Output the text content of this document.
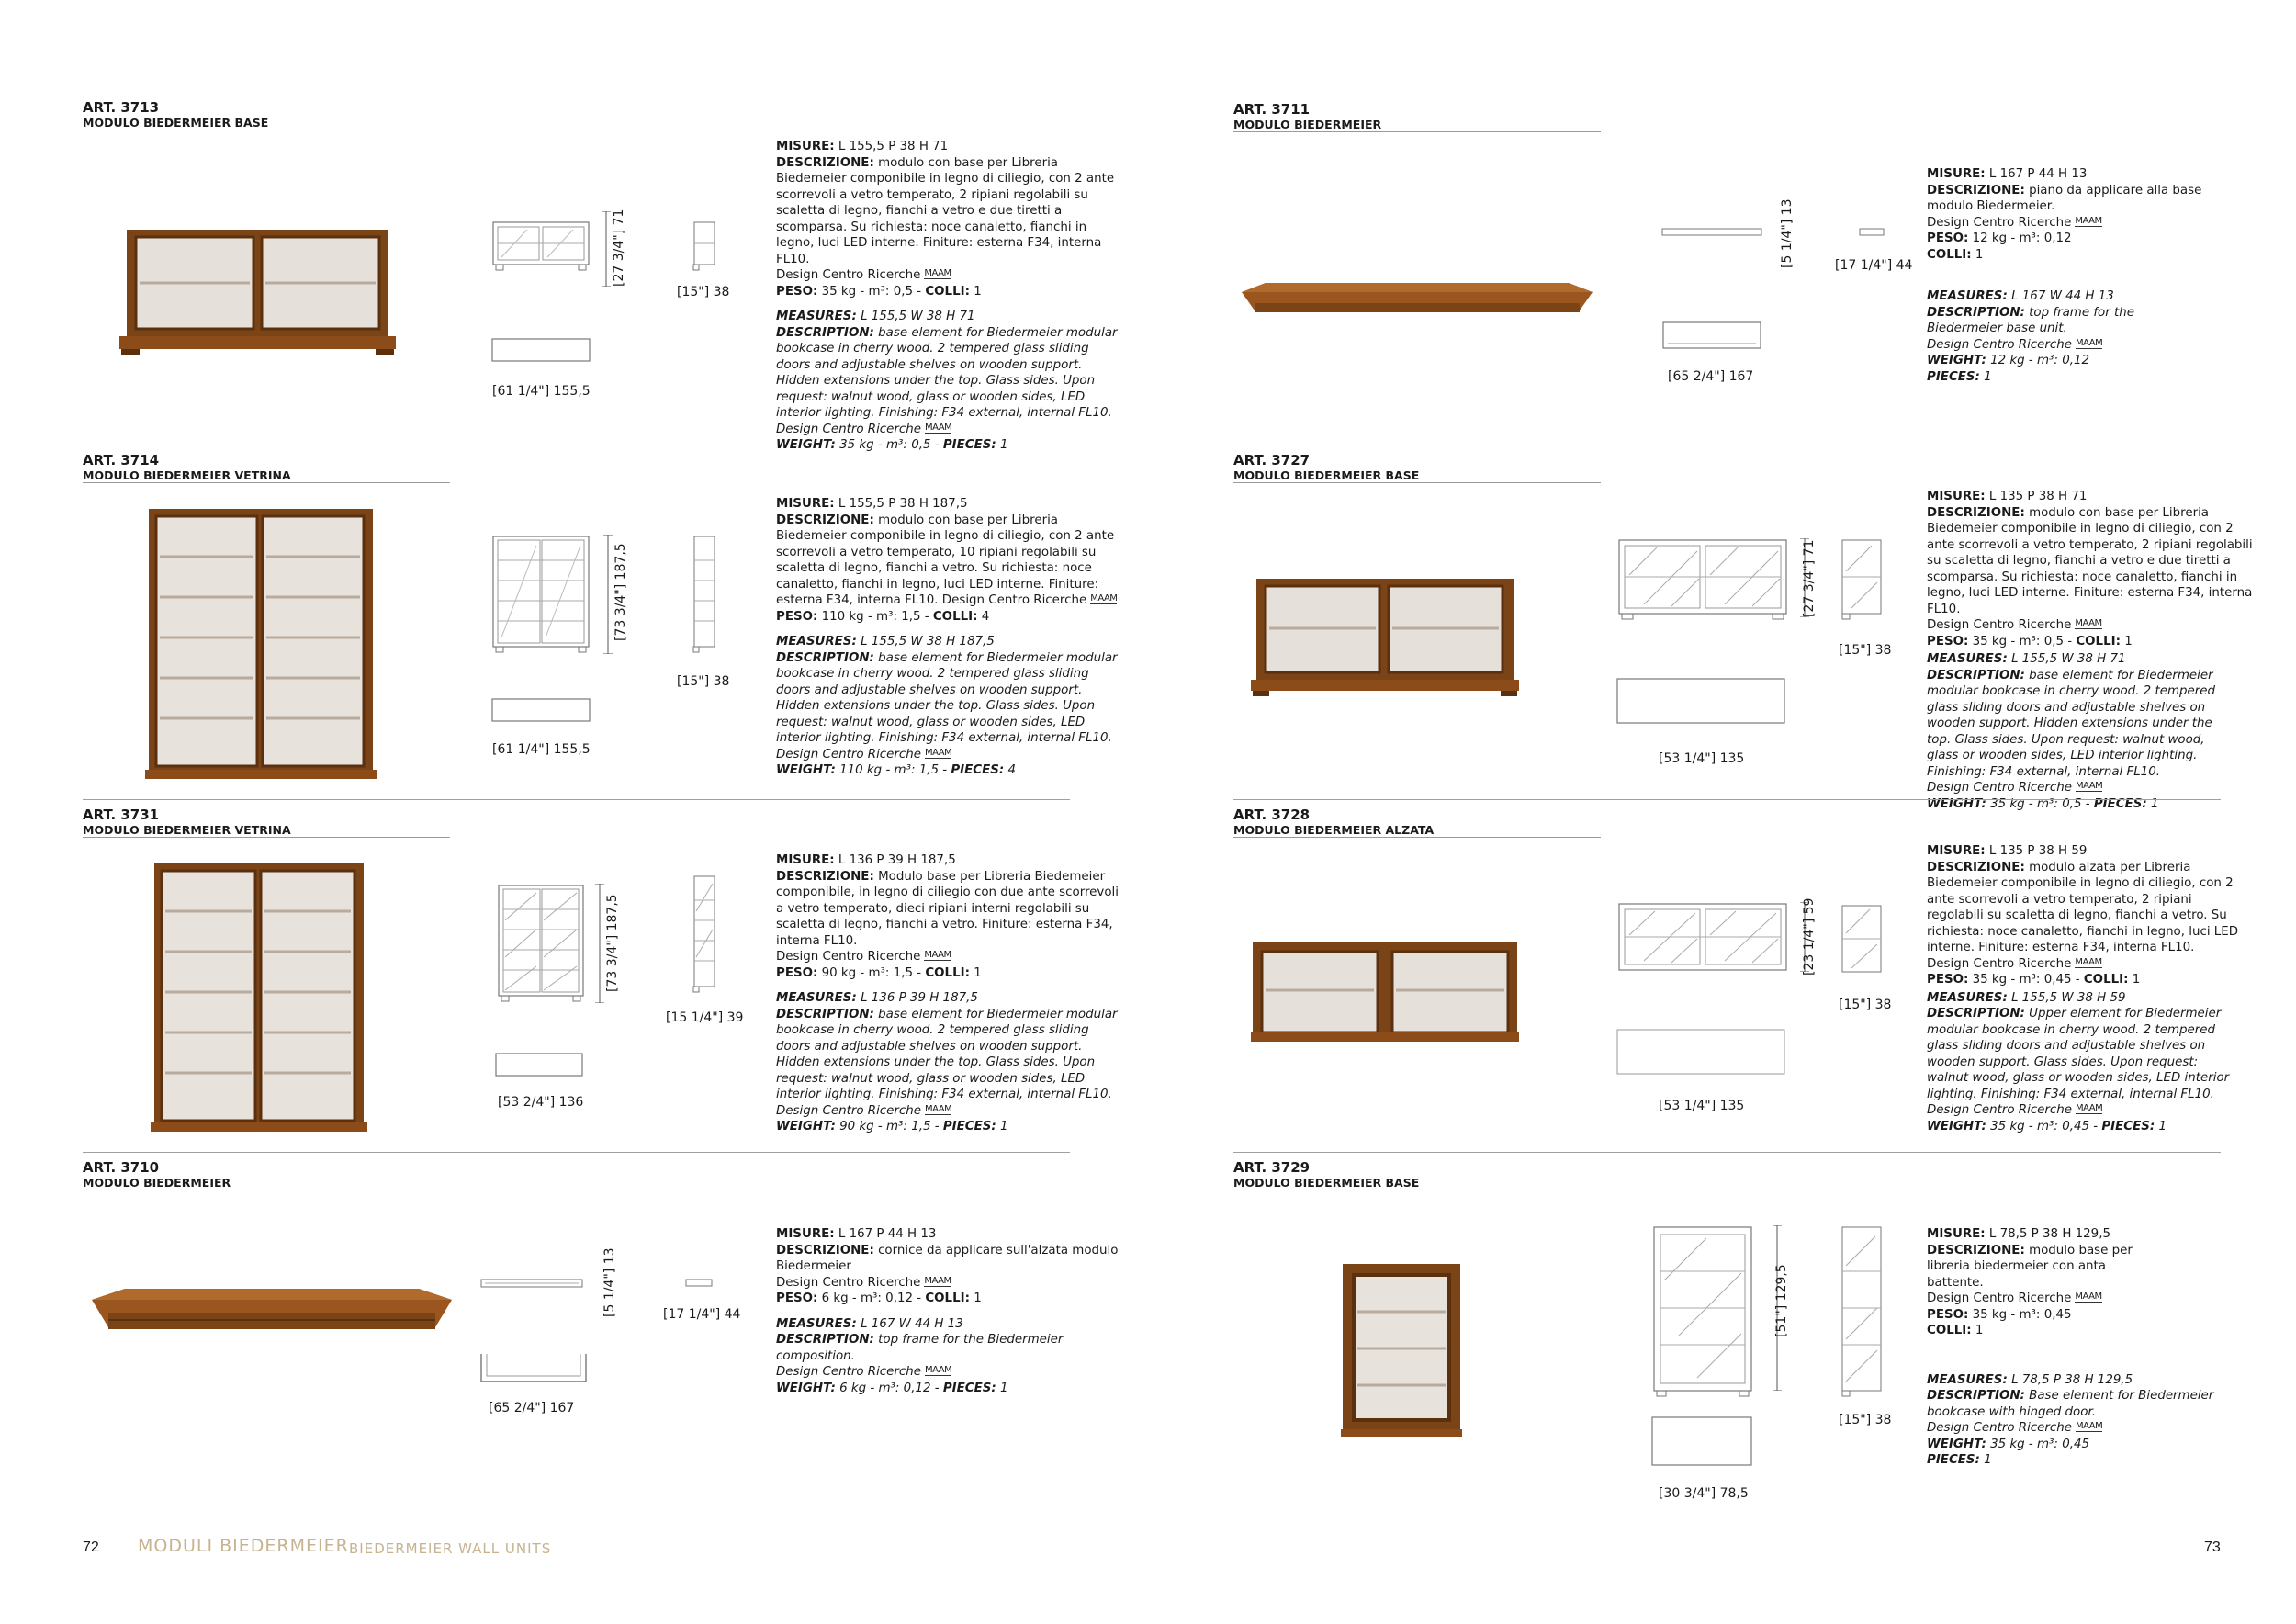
ART. 3713
MODULO BIEDERMEIER BASE
[27 3/4"] 71
[15"] 38
[61 1/4"] 155,5
MISURE: L 155,5 P 38 H 71
DESCRIZIONE: modulo con base per Libreria Biedemeier componibile in legno di ciliegio, con 2 ante scorrevoli a vetro temperato, 2 ripiani regolabili su scaletta di legno, fianchi a vetro e due tiretti a scomparsa. Su richiesta: noce canaletto, fianchi in legno, luci LED interne. Finiture: esterna F34, interna FL10.
Design Centro Ricerche MAAM
PESO: 35 kg - m³: 0,5 - COLLI: 1
MEASURES: L 155,5 W 38 H 71
DESCRIPTION: base element for Biedermeier modular bookcase in cherry wood. 2 tempered glass sliding doors and adjustable shelves on wooden support. Hidden extensions under the top. Glass sides. Upon request: walnut wood, glass or wooden sides, LED interior lighting. Finishing: F34 external, internal FL10.
Design Centro Ricerche MAAM
WEIGHT: 35 kg - m³: 0,5 - PIECES: 1
ART. 3714
MODULO BIEDERMEIER VETRINA
[73 3/4"] 187,5
[15"] 38
[61 1/4"] 155,5
MISURE: L 155,5 P 38 H 187,5
DESCRIZIONE: modulo con base per Libreria Biedemeier componibile in legno di ciliegio, con 2 ante scorrevoli a vetro temperato, 10 ripiani regolabili su scaletta di legno, fianchi a vetro. Su richiesta: noce canaletto, fianchi in legno, luci LED interne. Finiture: esterna F34, interna FL10. Design Centro Ricerche MAAM
PESO: 110 kg - m³: 1,5 - COLLI: 4
MEASURES: L 155,5 W 38 H 187,5
DESCRIPTION: base element for Biedermeier modular bookcase in cherry wood. 2 tempered glass sliding doors and adjustable shelves on wooden support. Hidden extensions under the top. Glass sides. Upon request: walnut wood, glass or wooden sides, LED interior lighting. Finishing: F34 external, internal FL10.
Design Centro Ricerche MAAM
WEIGHT: 110 kg - m³: 1,5 - PIECES: 4
ART. 3731
MODULO BIEDERMEIER VETRINA
[73 3/4"] 187,5
[15 1/4"] 39
[53 2/4"] 136
MISURE: L 136 P 39 H 187,5
DESCRIZIONE: Modulo base per Libreria Biedemeier componibile, in legno di ciliegio con due ante scorrevoli a vetro temperato, dieci ripiani interni regolabili su scaletta di legno, fianchi a vetro. Finiture: esterna F34, interna FL10.
Design Centro Ricerche MAAM
PESO: 90 kg - m³: 1,5 - COLLI: 1
MEASURES: L 136 P 39 H 187,5
DESCRIPTION: base element for Biedermeier modular bookcase in cherry wood. 2 tempered glass sliding doors and adjustable shelves on wooden support. Hidden extensions under the top. Glass sides. Upon request: walnut wood, glass or wooden sides, LED interior lighting. Finishing: F34 external, internal FL10.
Design Centro Ricerche MAAM
WEIGHT: 90 kg - m³: 1,5 - PIECES: 1
ART. 3710
MODULO BIEDERMEIER
[5 1/4"] 13	[17 1/4"] 44
[65 2/4"] 167
MISURE: L 167 P 44 H 13
DESCRIZIONE: cornice da applicare sull'alzata modulo Biedermeier
Design Centro Ricerche MAAM
PESO: 6 kg - m³: 0,12 - COLLI: 1
MEASURES: L 167 W 44 H 13
DESCRIPTION: top frame for the Biedermeier composition.
Design Centro Ricerche MAAM
WEIGHT: 6 kg - m³: 0,12 - PIECES: 1
ART. 3711
MODULO BIEDERMEIER
[5 1/4"] 13	[17 1/4"] 44
[65 2/4"] 167
MISURE: L 167 P 44 H 13
DESCRIZIONE: piano da applicare alla base modulo Biedermeier.
Design Centro Ricerche MAAM
PESO: 12 kg - m³: 0,12
COLLI: 1
MEASURES: L 167 W 44 H 13
DESCRIPTION: top frame for the Biedermeier base unit.
Design Centro Ricerche MAAM
WEIGHT: 12 kg - m³: 0,12
PIECES: 1
ART. 3727
MODULO BIEDERMEIER BASE
[27 3/4"] 71
[15"] 38
[53 1/4"] 135
MISURE: L 135 P 38 H 71
DESCRIZIONE: modulo con base per Libreria Biedemeier componibile in legno di ciliegio, con 2 ante scorrevoli a vetro temperato, 2 ripiani regolabili su scaletta di legno, fianchi a vetro e due tiretti a scomparsa. Su richiesta: noce canaletto, fianchi in legno, luci LED interne. Finiture: esterna F34, interna FL10.
Design Centro Ricerche MAAM
PESO: 35 kg - m³: 0,5 - COLLI: 1
MEASURES: L 155,5 W 38 H 71
DESCRIPTION: base element for Biedermeier modular bookcase in cherry wood. 2 tempered glass sliding doors and adjustable shelves on wooden support. Hidden extensions under the top. Glass sides. Upon request: walnut wood, glass or wooden sides, LED interior lighting. Finishing: F34 external, internal FL10.
Design Centro Ricerche MAAM
WEIGHT: 35 kg - m³: 0,5 - PIECES: 1
ART. 3728
MODULO BIEDERMEIER ALZATA
[23 1/4"] 59
[15"] 38
[53 1/4"] 135
MISURE: L 135 P 38 H 59
DESCRIZIONE: modulo alzata per Libreria Biedemeier componibile in legno di ciliegio, con 2 ante scorrevoli a vetro temperato, 2 ripiani regolabili su scaletta di legno, fianchi a vetro. Su richiesta: noce canaletto, fianchi in legno, luci LED interne. Finiture: esterna F34, interna FL10.
Design Centro Ricerche MAAM
PESO: 35 kg - m³: 0,45 - COLLI: 1
MEASURES: L 155,5 W 38 H 59
DESCRIPTION: Upper element for Biedermeier modular bookcase in cherry wood. 2 tempered glass sliding doors and adjustable shelves on wooden support. Glass sides. Upon request: walnut wood, glass or wooden sides, LED interior lighting. Finishing: F34 external, internal FL10.
Design Centro Ricerche MAAM
WEIGHT: 35 kg - m³: 0,45 - PIECES: 1
ART. 3729
MODULO BIEDERMEIER BASE
[51"] 129,5
[15"] 38
[30 3/4"] 78,5
MISURE: L 78,5 P 38 H 129,5
DESCRIZIONE: modulo base per libreria biedermeier con anta battente.
Design Centro Ricerche MAAM
PESO: 35 kg - m³: 0,45
COLLI: 1
MEASURES: L 78,5 P 38 H 129,5
DESCRIPTION: Base element for Biedermeier bookcase with hinged door.
Design Centro Ricerche MAAM
WEIGHT: 35 kg - m³: 0,45
PIECES: 1
72 MODULI BIEDERMEIER BIEDERMEIER WALL UNITS	73
